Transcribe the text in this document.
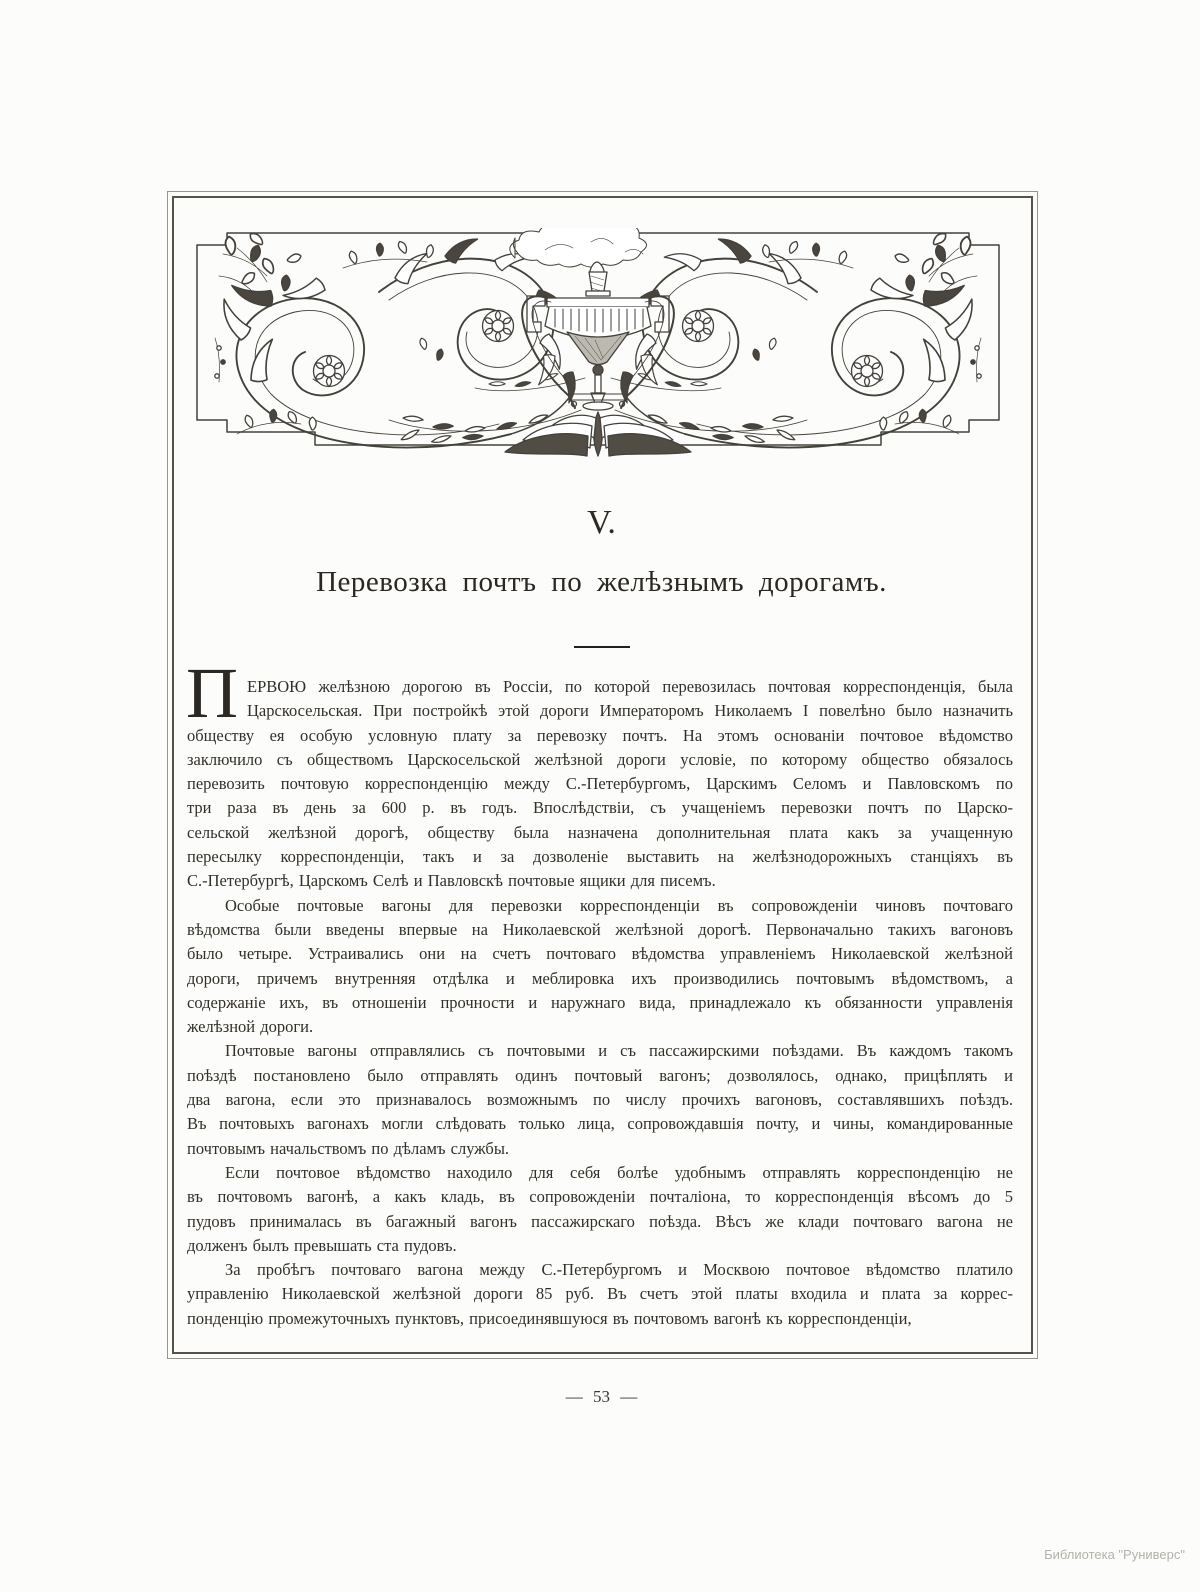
V.
Перевозка почтъ по желѣзнымъ дорогамъ.
П ЕРВОЮ желѣзною дорогою въ Россіи, по которой перевозилась почтовая корреспонденція, была
Царскосельская. При постройкѣ этой дороги Императоромъ Николаемъ I повелѣно было назначить
обществу ея особую условную плату за перевозку почтъ. На этомъ основаніи почтовое вѣдомство
заключило съ обществомъ Царскосельской желѣзной дороги условіе, по которому общество обязалось
перевозить почтовую корреспонденцію между С.-Петербургомъ, Царскимъ Селомъ и Павловскомъ по
три раза въ день за 600 р. въ годъ. Впослѣдствіи, съ учащеніемъ перевозки почтъ по Царско-
сельской желѣзной дорогѣ, обществу была назначена дополнительная плата какъ за учащенную
пересылку корреспонденціи, такъ и за дозволеніе выставить на желѣзнодорожныхъ станціяхъ въ
С.-Петербургѣ, Царскомъ Селѣ и Павловскѣ почтовые ящики для писемъ.
Особые почтовые вагоны для перевозки корреспонденціи въ сопровожденіи чиновъ почтоваго
вѣдомства были введены впервые на Николаевской желѣзной дорогѣ. Первоначально такихъ вагоновъ
было четыре. Устраивались они на счетъ почтоваго вѣдомства управленіемъ Николаевской желѣзной
дороги, причемъ внутренняя отдѣлка и меблировка ихъ производились почтовымъ вѣдомствомъ, а
содержаніе ихъ, въ отношеніи прочности и наружнаго вида, принадлежало къ обязанности управленія
желѣзной дороги.
Почтовые вагоны отправлялись съ почтовыми и съ пассажирскими поѣздами. Въ каждомъ такомъ
поѣздѣ постановлено было отправлять одинъ почтовый вагонъ; дозволялось, однако, прицѣплять и
два вагона, если это признавалось возможнымъ по числу прочихъ вагоновъ, составлявшихъ поѣздъ.
Въ почтовыхъ вагонахъ могли слѣдовать только лица, сопровождавшія почту, и чины, командированные
почтовымъ начальствомъ по дѣламъ службы.
Если почтовое вѣдомство находило для себя болѣе удобнымъ отправлять корреспонденцію не
въ почтовомъ вагонѣ, а какъ кладь, въ сопровожденіи почталіона, то корреспонденція вѣсомъ до 5
пудовъ принималась въ багажный вагонъ пассажирскаго поѣзда. Вѣсъ же клади почтоваго вагона не
долженъ былъ превышать ста пудовъ.
За пробѣгъ почтоваго вагона между С.-Петербургомъ и Москвою почтовое вѣдомство платило
управленію Николаевской желѣзной дороги 85 руб. Въ счетъ этой платы входила и плата за коррес-
понденцію промежуточныхъ пунктовъ, присоединявшуюся въ почтовомъ вагонѣ къ корреспонденціи,
— 53 —
Библиотека "Руниверс"
